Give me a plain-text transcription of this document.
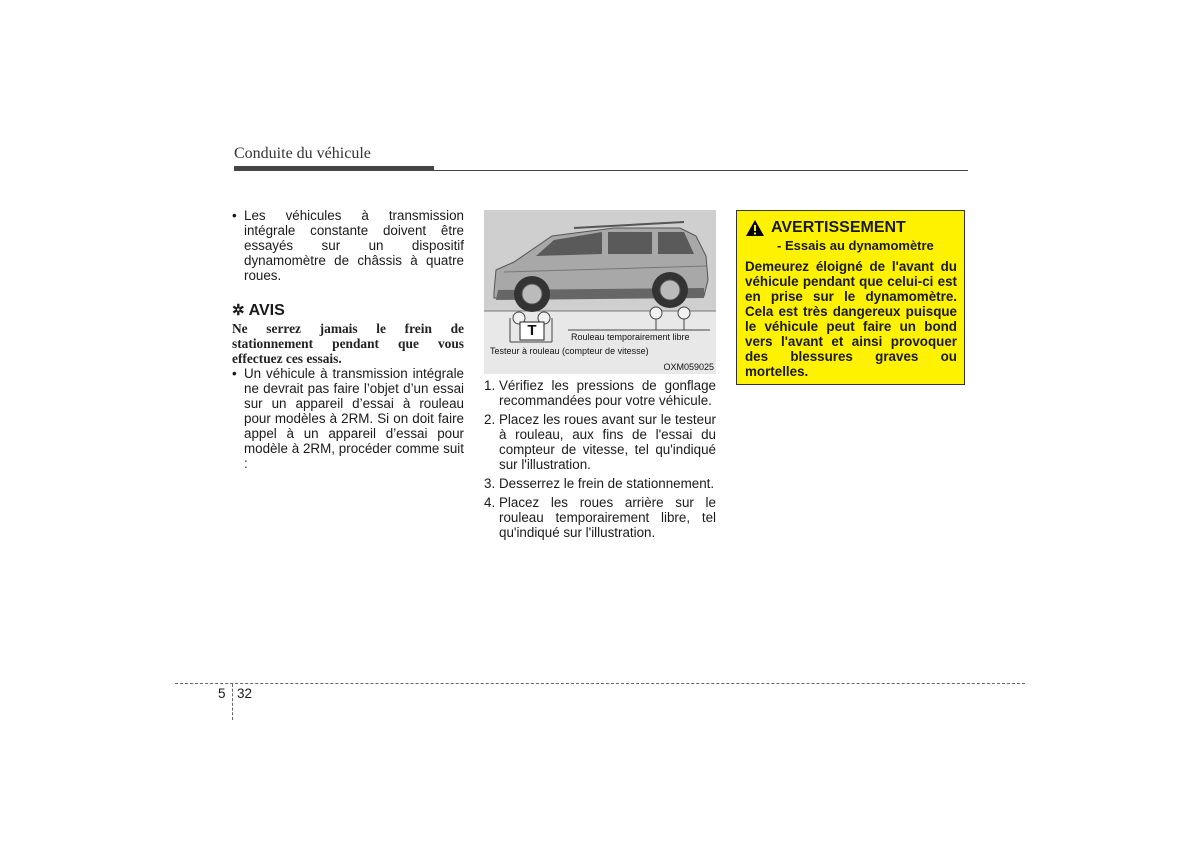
Conduite du véhicule

• Les véhicules à transmission intégrale constante doivent être essayés sur un dispositif dynamomètre de châssis à quatre roues.

✲ AVIS

Ne serrez jamais le frein de stationnement pendant que vous effectuez ces essais.

• Un véhicule à transmission intégrale ne devrait pas faire l’objet d’un essai sur un appareil d’essai à rouleau pour modèles à 2RM. Si on doit faire appel à un appareil d’essai pour modèle à 2RM, procéder comme suit :

T	Rouleau temporairement libre
Testeur à rouleau (compteur de vitesse)
OXM059025
1. Vérifiez les pressions de gonflage recommandées pour votre véhicule.
2. Placez les roues avant sur le testeur à rouleau, aux fins de l'essai du compteur de vitesse, tel qu'indiqué sur l'illustration.
3. Desserrez le frein de stationnement.
4. Placez les roues arrière sur le rouleau temporairement libre, tel qu'indiqué sur l'illustration.
AVERTISSEMENT
- Essais au dynamomètre
Demeurez éloigné de l'avant du véhicule pendant que celui-ci est en prise sur le dynamomètre. Cela est très dangereux puisque le véhicule peut faire un bond vers l'avant et ainsi provoquer des blessures graves ou mortelles.
5 32
